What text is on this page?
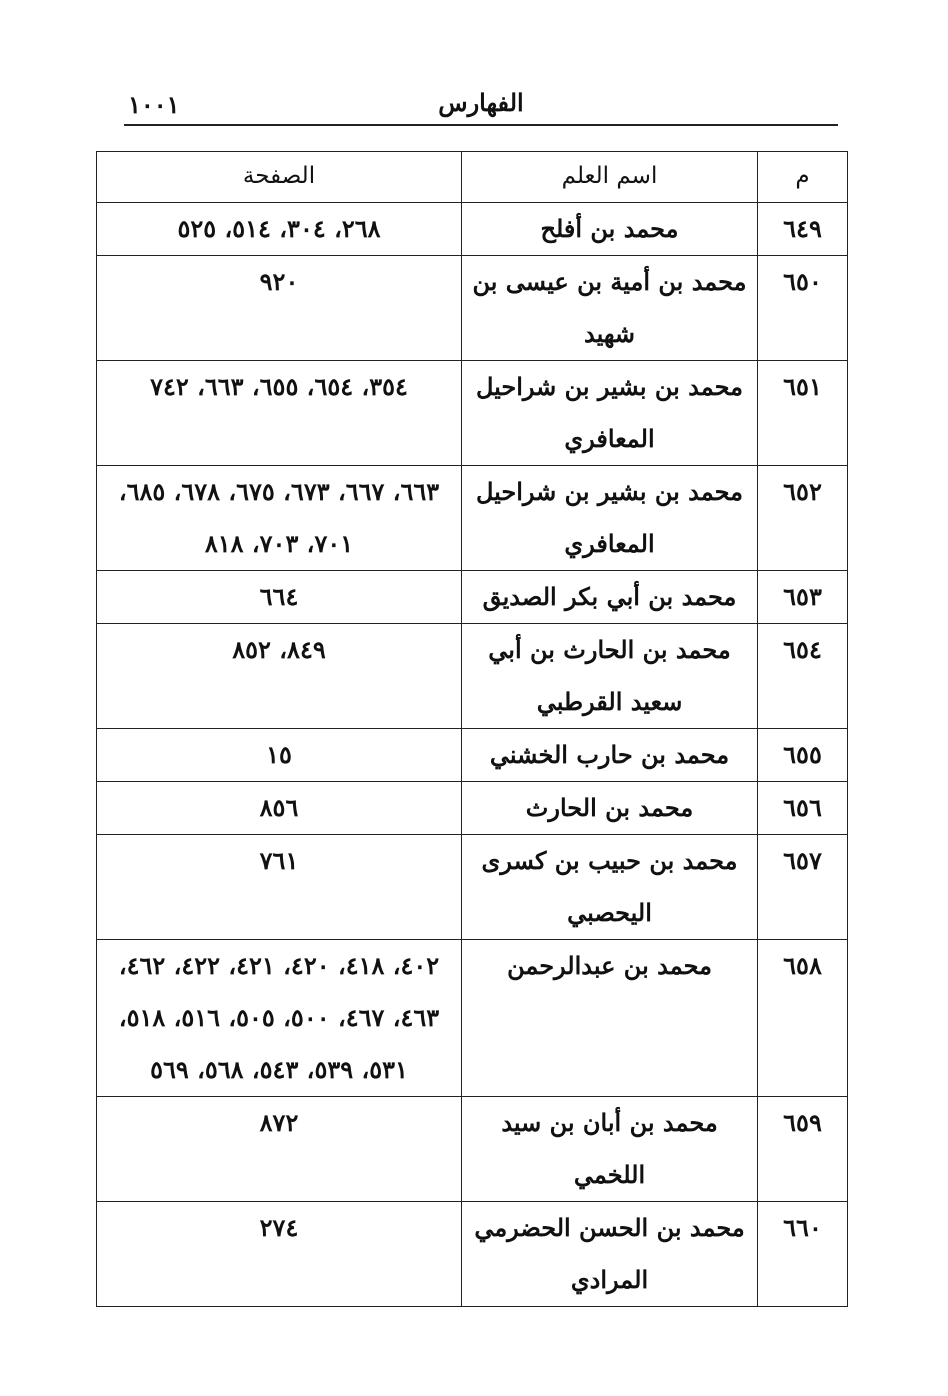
١٠٠١	الفهارس
م	اسم العلم	الصفحة
٦٤٩	محمد بن أفلح	٢٦٨، ٣٠٤، ٥١٤، ٥٢٥
٦٥٠	محمد بن أمية بن عيسى بن شهيد	٩٢٠
٦٥١	محمد بن بشير بن شراحيل المعافري	٣٥٤، ٦٥٤، ٦٥٥، ٦٦٣، ٧٤٢
٦٥٢	محمد بن بشير بن شراحيل المعافري	٦٦٣، ٦٦٧، ٦٧٣، ٦٧٥، ٦٧٨، ٦٨٥، ٧٠١، ٧٠٣، ٨١٨
٦٥٣	محمد بن أبي بكر الصديق	٦٦٤
٦٥٤	محمد بن الحارث بن أبي سعيد القرطبي	٨٤٩، ٨٥٢
٦٥٥	محمد بن حارب الخشني	١٥
٦٥٦	محمد بن الحارث	٨٥٦
٦٥٧	محمد بن حبيب بن كسرى اليحصبي	٧٦١
٦٥٨	محمد بن عبدالرحمن	٤٠٢، ٤١٨، ٤٢٠، ٤٢١، ٤٢٢، ٤٦٢، ٤٦٣، ٤٦٧، ٥٠٠، ٥٠٥، ٥١٦، ٥١٨، ٥٣١، ٥٣٩، ٥٤٣، ٥٦٨، ٥٦٩
٦٥٩	محمد بن أبان بن سيد اللخمي	٨٧٢
٦٦٠	محمد بن الحسن الحضرمي المرادي	٢٧٤
